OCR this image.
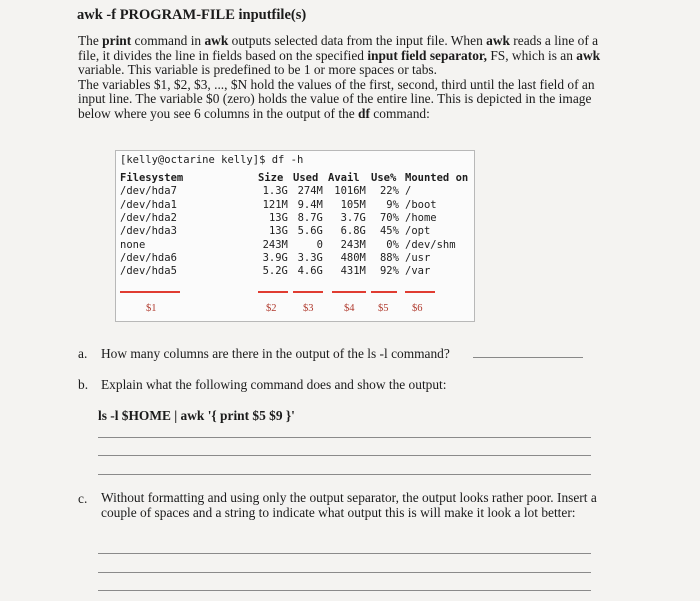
awk -f PROGRAM-FILE inputfile(s)

The print command in awk outputs selected data from the input file. When awk reads a line of a file, it divides the line in fields based on the specified input field separator, FS, which is an awk variable. This variable is predefined to be 1 or more spaces or tabs.

The variables $1, $2, $3, ..., $N hold the values of the first, second, third until the last field of an input line. The variable $0 (zero) holds the value of the entire line. This is depicted in the image below where you see 6 columns in the output of the df command:

[kelly@octarine kelly]$ df -h
Filesystem	Size Used Avail Use% Mounted on
/dev/hda7	1.3G 274M 1016M 22% /
/dev/hda1	121M 9.4M 105M 9% /boot
/dev/hda2	13G 8.7G 3.7G 70% /home
/dev/hda3	13G 5.6G 6.8G 45% /opt
none	243M	0 243M 0% /dev/shm
/dev/hda6	3.9G 3.3G 480M 88% /usr
/dev/hda5	5.2G 4.6G 431M 92% /var
$1	$2	$3	$4 $5 $6
a. How many columns are there in the output of the ls -l command?
b. Explain what the following command does and show the output:
ls -l $HOME | awk '{ print $5 $9 }'
c. Without formatting and using only the output separator, the output looks rather poor. Insert a couple of spaces and a string to indicate what output this is will make it look a lot better:
